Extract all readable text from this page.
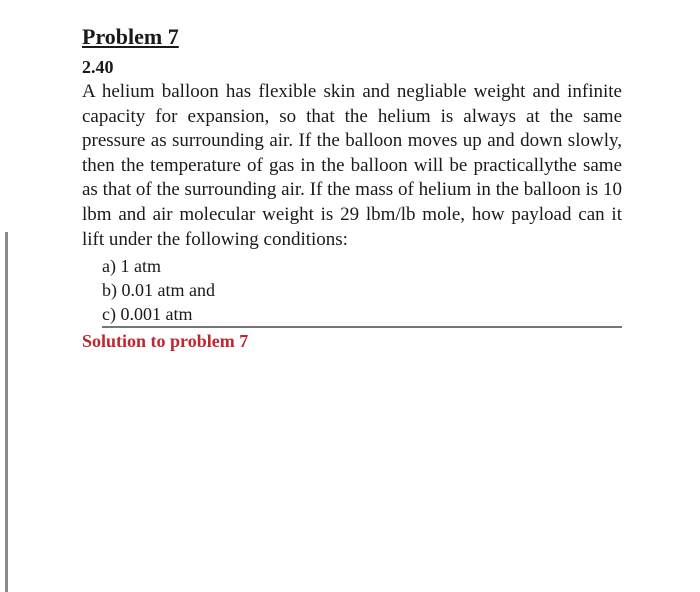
Problem 7
2.40

A helium balloon has flexible skin and negliable weight and infinite capacity for expansion, so that the helium is always at the same pressure as surrounding air. If the balloon moves up and down slowly, then the temperature of gas in the balloon will be practicallythe same as that of the surrounding air. If the mass of helium in the balloon is 10 lbm and air molecular weight is 29 lbm/lb mole, how payload can it lift under the following conditions:

a) 1 atm
b) 0.01 atm and
c) 0.001 atm
Solution to problem 7
